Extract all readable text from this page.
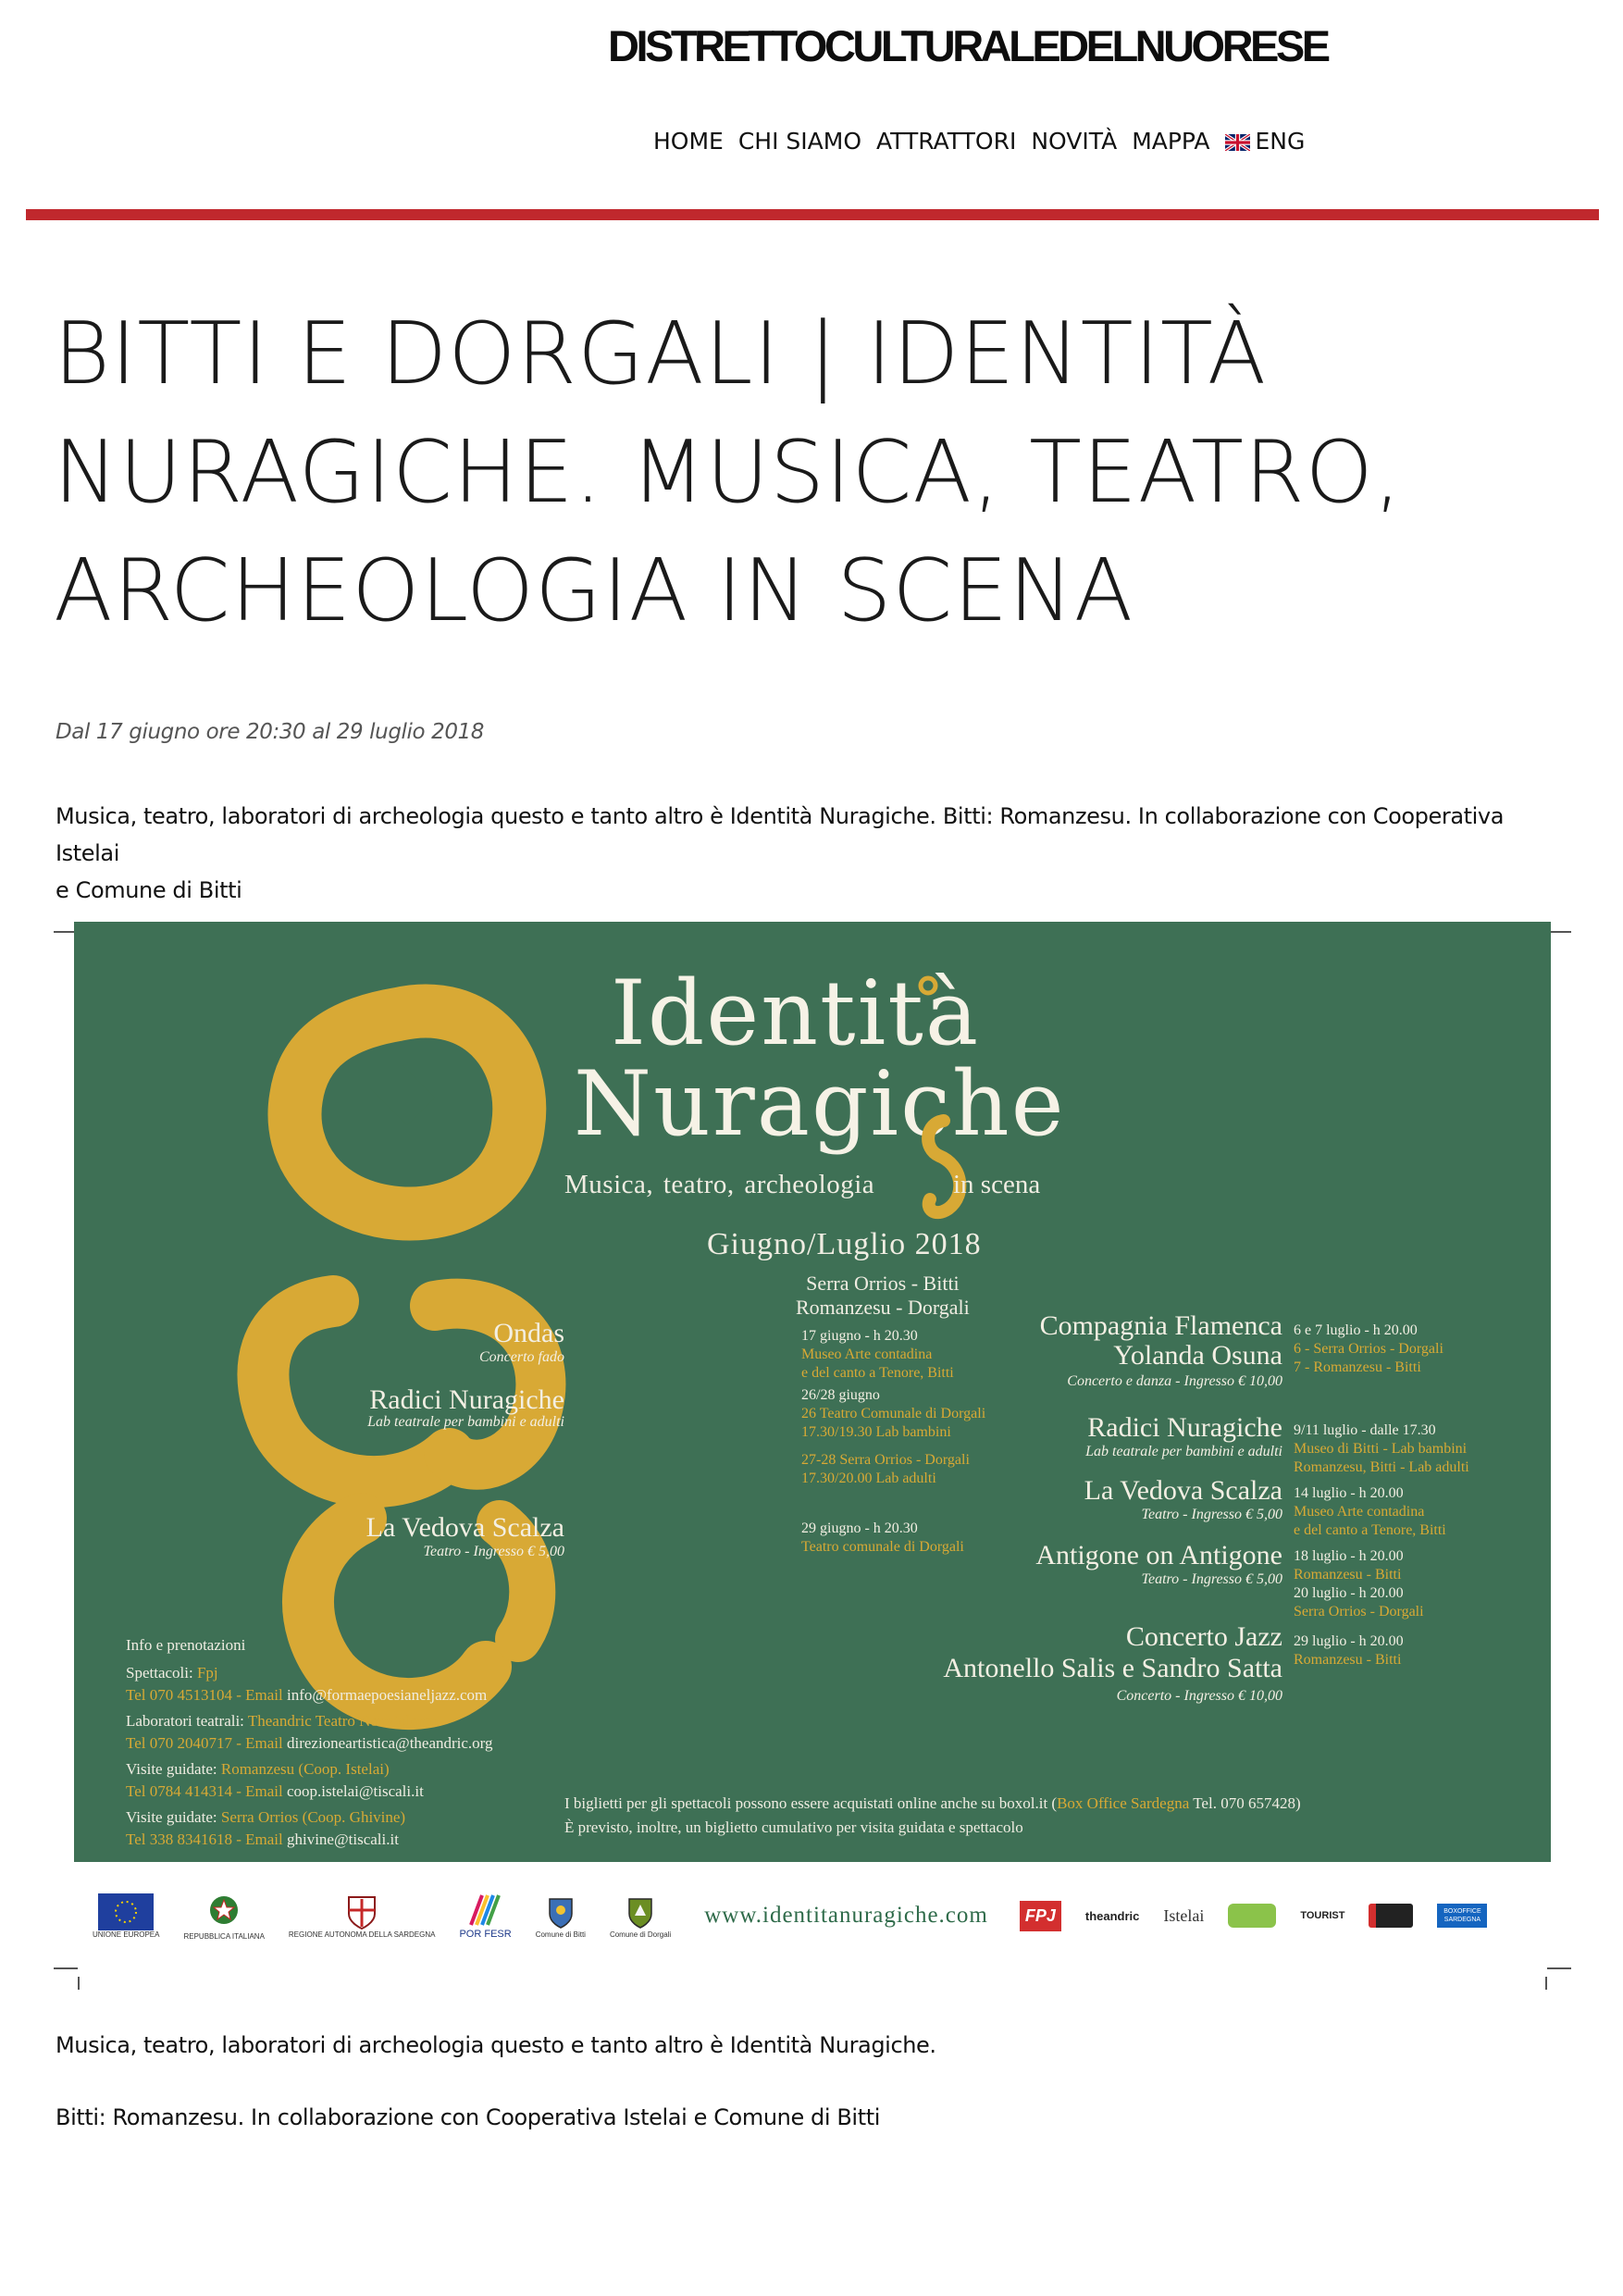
DISTRETTOCULTURALEDELNUORESE
HOME CHI SIAMO ATTRATTORI NOVITÀ MAPPA	ENG
BITTI E DORGALI | IDENTITÀ
NURAGICHE. MUSICA, TEATRO,
ARCHEOLOGIA IN SCENA
Dal 17 giugno ore 20:30 al 29 luglio 2018
Musica, teatro, laboratori di archeologia questo e tanto altro è Identità Nuragiche. Bitti: Romanzesu. In collaborazione con Cooperativa Istelai
e Comune di Bitti
Identità
Nuragiche
Musica, teatro, archeologia	in scena
Giugno/Luglio 2018
Serra Orrios - Bitti
Romanzesu - Dorgali
Ondas
Concerto fado
17 giugno - h 20.30
Museo Arte contadina
e del canto a Tenore, Bitti
Radici Nuragiche
Lab teatrale per bambini e adulti
26/28 giugno
26 Teatro Comunale di Dorgali
17.30/19.30 Lab bambini
27-28 Serra Orrios - Dorgali
17.30/20.00 Lab adulti
La Vedova Scalza
Teatro - Ingresso € 5,00
29 giugno - h 20.30
Teatro comunale di Dorgali
Compagnia Flamenca
Yolanda Osuna
Concerto e danza - Ingresso € 10,00
6 e 7 luglio - h 20.00
6 - Serra Orrios - Dorgali
7 - Romanzesu - Bitti
Radici Nuragiche
Lab teatrale per bambini e adulti
9/11 luglio - dalle 17.30
Museo di Bitti - Lab bambini
Romanzesu, Bitti - Lab adulti
La Vedova Scalza
Teatro - Ingresso € 5,00
14 luglio - h 20.00
Museo Arte contadina
e del canto a Tenore, Bitti
Antigone on Antigone
Teatro - Ingresso € 5,00
18 luglio - h 20.00
Romanzesu - Bitti
20 luglio - h 20.00
Serra Orrios - Dorgali
Concerto Jazz
Antonello Salis e Sandro Satta
Concerto - Ingresso € 10,00
29 luglio - h 20.00
Romanzesu - Bitti
Info e prenotazioni
Spettacoli: Fpj
Tel 070 4513104 - Email info@formaepoesianeljazz.com
Laboratori teatrali: Theandric Teatro Nonviolento
Tel 070 2040717 - Email direzioneartistica@theandric.org
Visite guidate: Romanzesu (Coop. Istelai)
Tel 0784 414314 - Email coop.istelai@tiscali.it
Visite guidate: Serra Orrios (Coop. Ghivine)
Tel 338 8341618 - Email ghivine@tiscali.it
I biglietti per gli spettacoli possono essere acquistati online anche su boxol.it (Box Office Sardegna Tel. 070 657428)
È previsto, inoltre, un biglietto cumulativo per visita guidata e spettacolo
UNIONE EUROPEA	REPUBBLICA ITALIANA	REGIONE AUTONOMA DELLA SARDEGNA POR FESR	Comune di Bitti	Comune di Dorgali
www.identitanuragiche.com	FPJ	theandric Istelai	TOURIST	BOXOFFICE SARDEGNA

Musica, teatro, laboratori di archeologia questo e tanto altro è Identità Nuragiche.

Bitti: Romanzesu. In collaborazione con Cooperativa Istelai e Comune di Bitti
